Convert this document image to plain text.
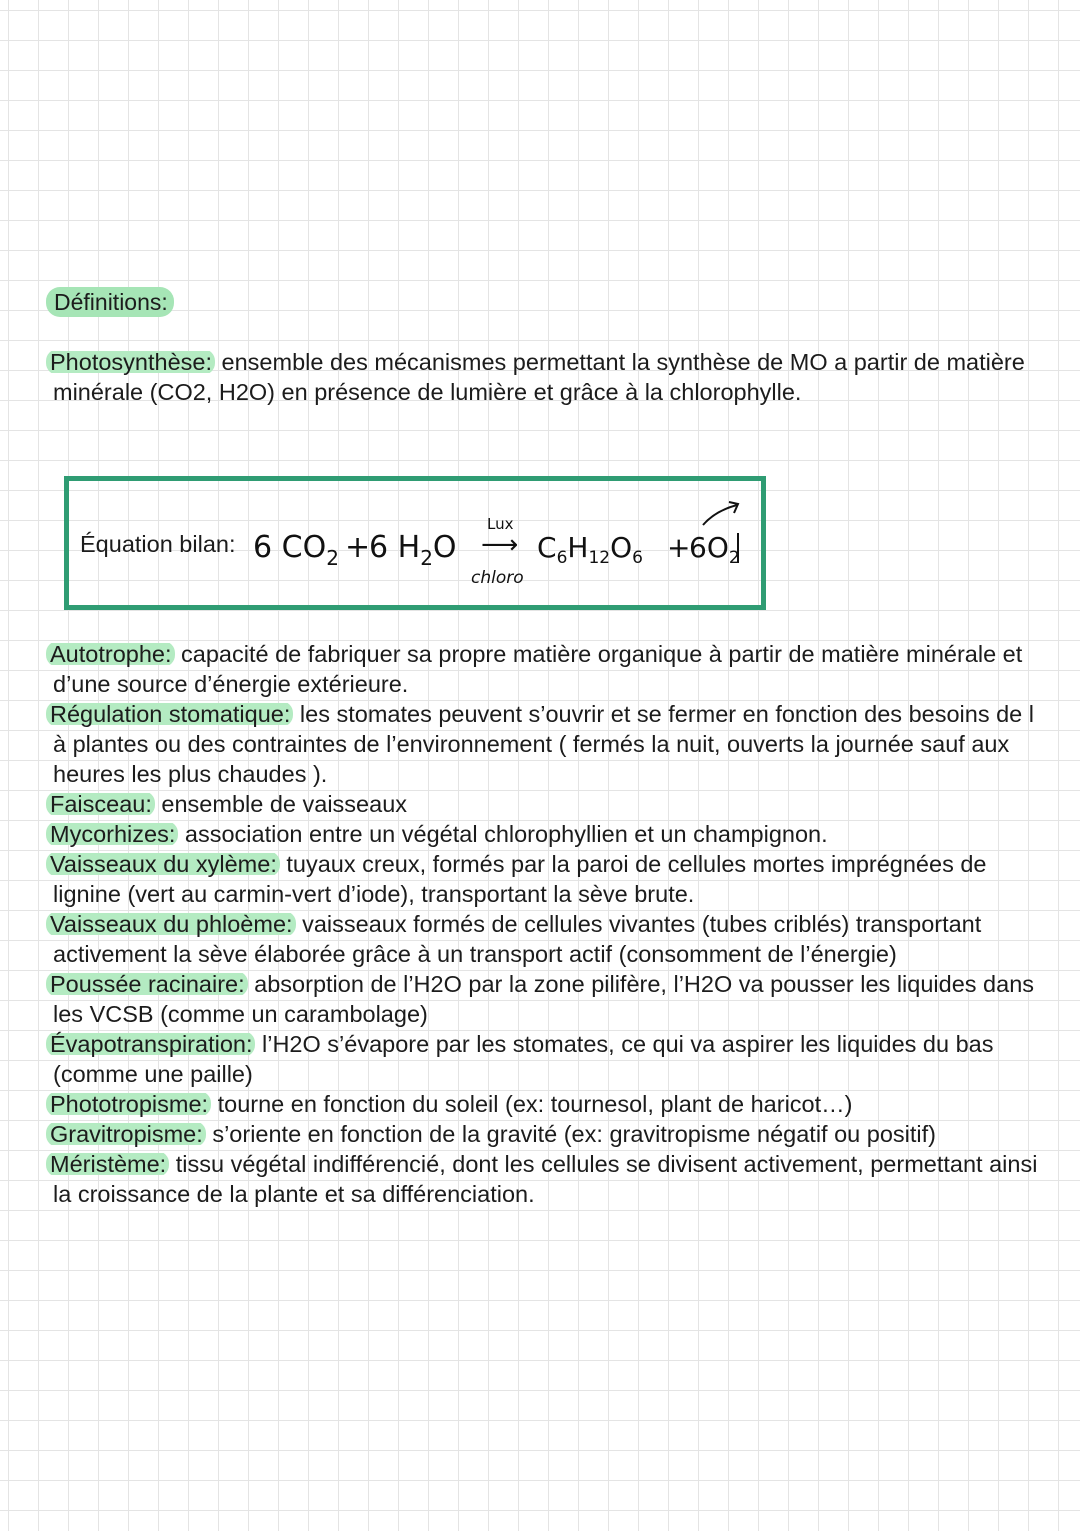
Définitions:
Photosynthèse: ensemble des mécanismes permettant la synthèse de MO a partir de matière minérale (CO2, H2O) en présence de lumière et grâce à la chlorophylle.
Équation bilan: 6 $CO_2$ +
6 $H_2O$
Lux
⟶
chloro
$C_6H_{12}O_6$ +
$6O_2$
Autotrophe: capacité de fabriquer sa propre matière organique à partir de matière minérale et d’une source d’énergie extérieure.
Régulation stomatique: les stomates peuvent s’ouvrir et se fermer en fonction des besoins de l à plantes ou des contraintes de l’environnement ( fermés la nuit, ouverts la journée sauf aux heures les plus chaudes ).
Faisceau: ensemble de vaisseaux
Mycorhizes: association entre un végétal chlorophyllien et un champignon.
Vaisseaux du xylème: tuyaux creux, formés par la paroi de cellules mortes imprégnées de lignine (vert au carmin-vert d’iode), transportant la sève brute.
Vaisseaux du phloème: vaisseaux formés de cellules vivantes (tubes criblés) transportant activement la sève élaborée grâce à un transport actif (consomment de l’énergie)
Poussée racinaire: absorption de l’H2O par la zone pilifère, l’H2O va pousser les liquides dans les VCSB (comme un carambolage)
Évapotranspiration: l’H2O s’évapore par les stomates, ce qui va aspirer les liquides du bas (comme une paille)
Phototropisme: tourne en fonction du soleil (ex: tournesol, plant de haricot…)
Gravitropisme: s’oriente en fonction de la gravité (ex: gravitropisme négatif ou positif)
Méristème: tissu végétal indifférencié, dont les cellules se divisent activement, permettant ainsi la croissance de la plante et sa différenciation.
